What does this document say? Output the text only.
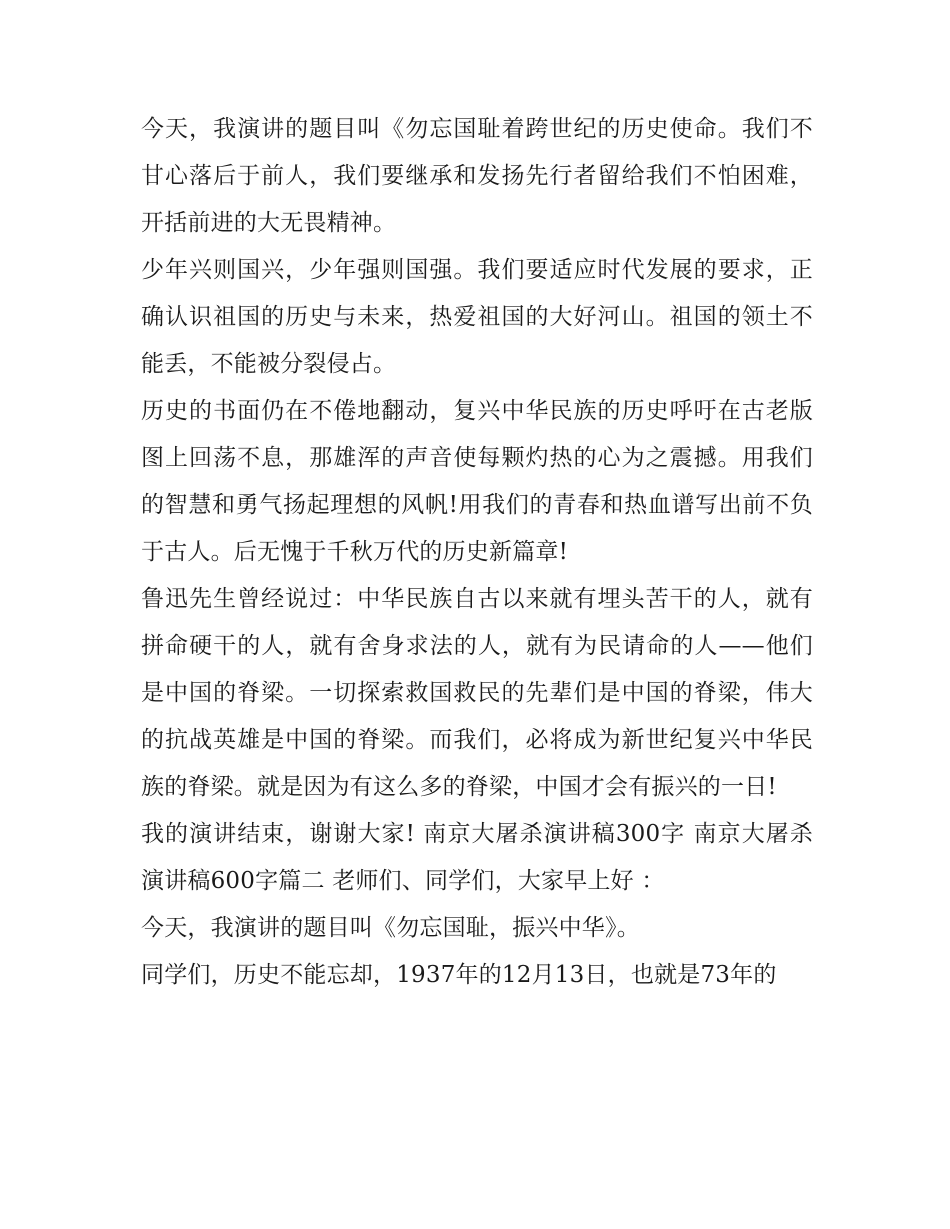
今天，我演讲的题目叫《勿忘国耻着跨世纪的历史使命。我们不甘心落后于前人，我们要继承和发扬先行者留给我们不怕困难，开括前进的大无畏精神。

少年兴则国兴，少年强则国强。我们要适应时代发展的要求，正确认识祖国的历史与未来，热爱祖国的大好河山。祖国的领土不能丢，不能被分裂侵占。

历史的书面仍在不倦地翻动，复兴中华民族的历史呼吁在古老版图上回荡不息，那雄浑的声音使每颗灼热的心为之震撼。用我们的智慧和勇气扬起理想的风帆!用我们的青春和热血谱写出前不负于古人。后无愧于千秋万代的历史新篇章!

鲁迅先生曾经说过：中华民族自古以来就有埋头苦干的人，就有拼命硬干的人，就有舍身求法的人，就有为民请命的人——他们是中国的脊梁。一切探索救国救民的先辈们是中国的脊梁，伟大的抗战英雄是中国的脊梁。而我们，必将成为新世纪复兴中华民族的脊梁。就是因为有这么多的脊梁，中国才会有振兴的一日!

我的演讲结束，谢谢大家! 南京大屠杀演讲稿300字 南京大屠杀演讲稿600字篇二 老师们、同学们，大家早上好 ：

今天，我演讲的题目叫《勿忘国耻，振兴中华》。

同学们，历史不能忘却，1937年的12月13日，也就是73年的
